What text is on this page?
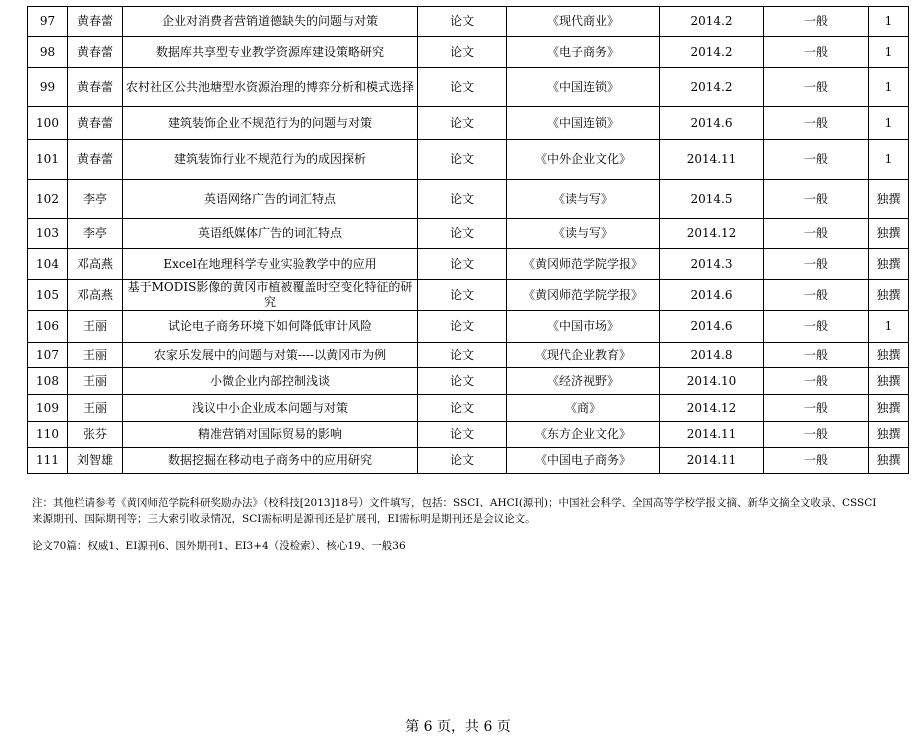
97	黄春蕾	企业对消费者营销道德缺失的问题与对策	论文	《现代商业》	2014.2	一般	1
98	黄春蕾	数据库共享型专业教学资源库建设策略研究	论文	《电子商务》	2014.2	一般	1
99	黄春蕾	农村社区公共池塘型水资源治理的博弈分析和模式选择	论文	《中国连锁》	2014.2	一般	1
100	黄春蕾	建筑装饰企业不规范行为的问题与对策	论文	《中国连锁》	2014.6	一般	1
101	黄春蕾	建筑装饰行业不规范行为的成因探析	论文	《中外企业文化》	2014.11	一般	1
102	李亭	英语网络广告的词汇特点	论文	《读与写》	2014.5	一般	独撰
103	李亭	英语纸媒体广告的词汇特点	论文	《读与写》	2014.12	一般	独撰
104	邓高燕	Excel在地理科学专业实验教学中的应用	论文	《黄冈师范学院学报》	2014.3	一般	独撰
105	邓高燕	基于MODIS影像的黄冈市植被覆盖时空变化特征的研究	论文	《黄冈师范学院学报》	2014.6	一般	独撰
106	王丽	试论电子商务环境下如何降低审计风险	论文	《中国市场》	2014.6	一般	1
107	王丽	农家乐发展中的问题与对策----以黄冈市为例	论文	《现代企业教育》	2014.8	一般	独撰
108	王丽	小微企业内部控制浅谈	论文	《经济视野》	2014.10	一般	独撰
109	王丽	浅议中小企业成本问题与对策	论文	《商》	2014.12	一般	独撰
110	张芬	精准营销对国际贸易的影响	论文	《东方企业文化》	2014.11	一般	独撰
111	刘智雄	数据挖掘在移动电子商务中的应用研究	论文	《中国电子商务》	2014.11	一般	独撰
注：其他栏请参考《黄冈师范学院科研奖励办法》（校科技[2013]18号）文件填写，包括：SSCI、AHCI(源刊)；中国社会科学、全国高等学校学报文摘、新华文摘全文收录、CSSCI来源期刊、国际期刊等；三大索引收录情况，SCI需标明是源刊还是扩展刊，EI需标明是期刊还是会议论文。
论文70篇：权威1、EI源刊6、国外期刊1、EI3+4（没检索）、核心19、一般36
第 6 页，共 6 页
